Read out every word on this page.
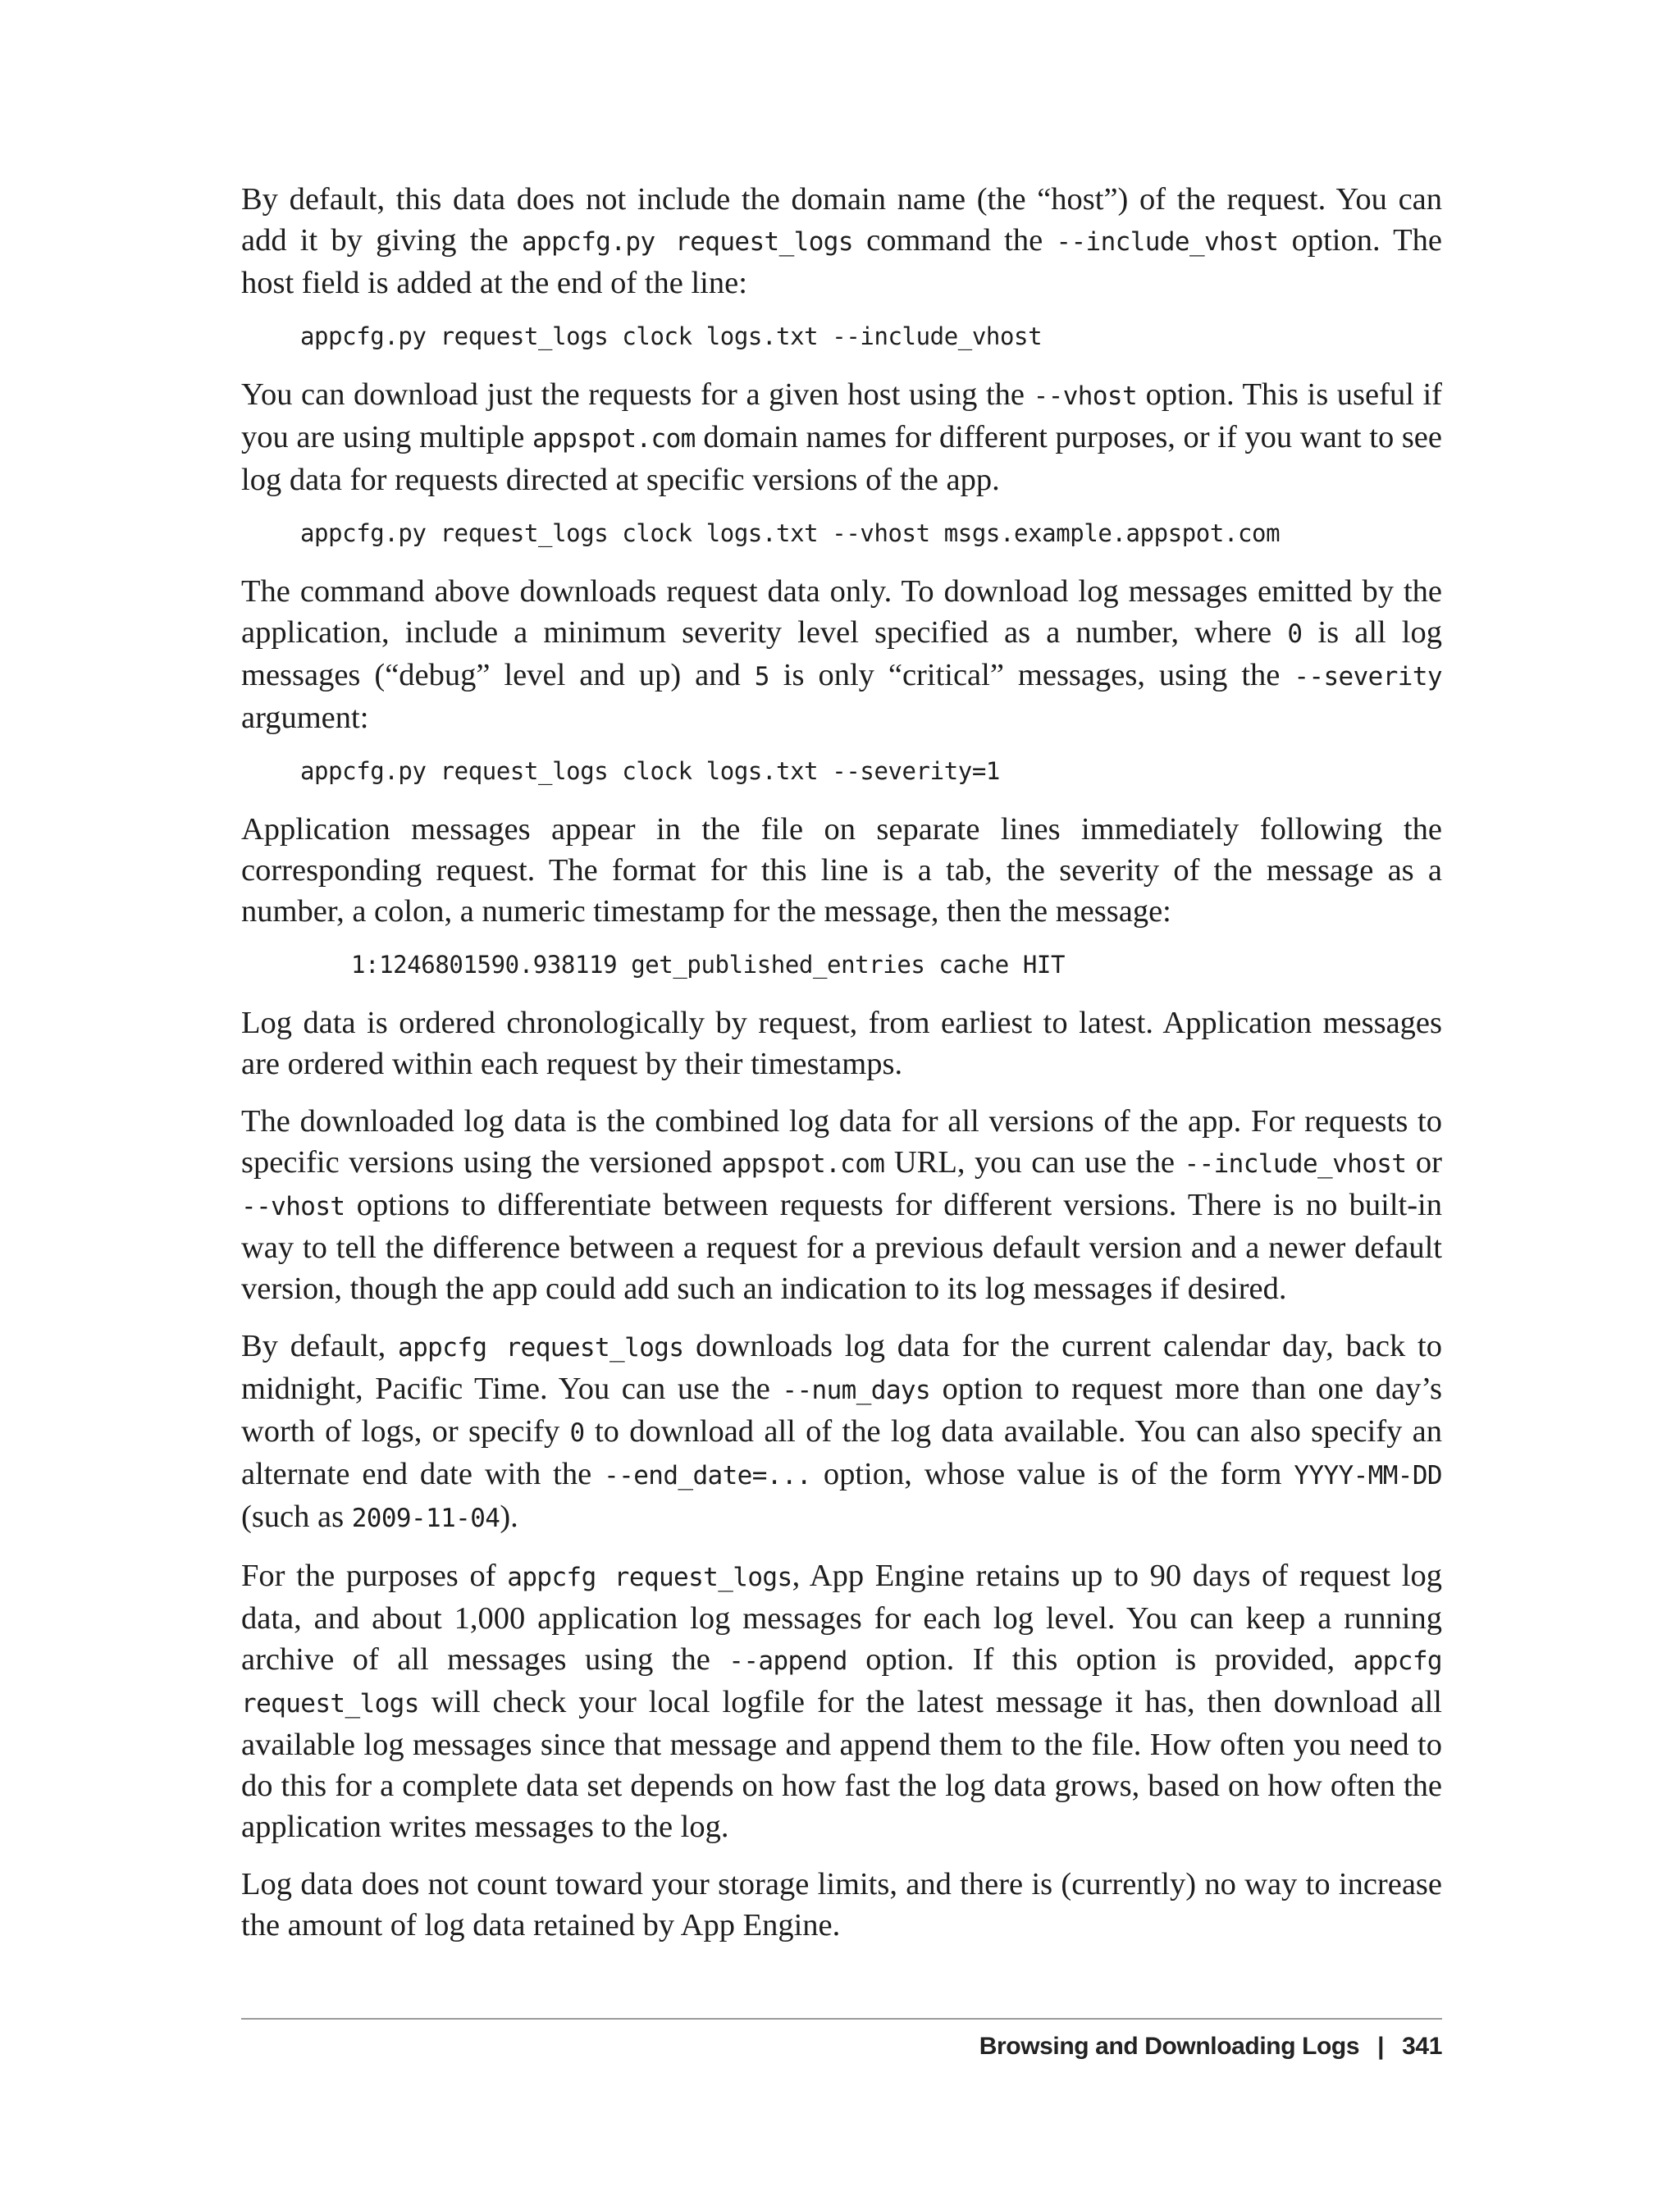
By default, this data does not include the domain name (the “host”) of the request. You can add it by giving the appcfg.py request_logs command the --include_vhost option. The host field is added at the end of the line:

appcfg.py request_logs clock logs.txt --include_vhost

You can download just the requests for a given host using the --vhost option. This is useful if you are using multiple appspot.com domain names for different purposes, or if you want to see log data for requests directed at specific versions of the app.

appcfg.py request_logs clock logs.txt --vhost msgs.example.appspot.com

The command above downloads request data only. To download log messages emitted by the application, include a minimum severity level specified as a number, where 0 is all log messages (“debug” level and up) and 5 is only “critical” messages, using the --severity argument:

appcfg.py request_logs clock logs.txt --severity=1

Application messages appear in the file on separate lines immediately following the corresponding request. The format for this line is a tab, the severity of the message as a number, a colon, a numeric timestamp for the message, then the message:

1:1246801590.938119 get_published_entries cache HIT

Log data is ordered chronologically by request, from earliest to latest. Application messages are ordered within each request by their timestamps.

The downloaded log data is the combined log data for all versions of the app. For requests to specific versions using the versioned appspot.com URL, you can use the --include_vhost or --vhost options to differentiate between requests for different versions. There is no built-in way to tell the difference between a request for a previous default version and a newer default version, though the app could add such an indication to its log messages if desired.

By default, appcfg request_logs downloads log data for the current calendar day, back to midnight, Pacific Time. You can use the --num_days option to request more than one day’s worth of logs, or specify 0 to download all of the log data available. You can also specify an alternate end date with the --end_date=... option, whose value is of the form YYYY-MM-DD (such as 2009-11-04).

For the purposes of appcfg request_logs, App Engine retains up to 90 days of request log data, and about 1,000 application log messages for each log level. You can keep a running archive of all messages using the --append option. If this option is provided, appcfg request_logs will check your local logfile for the latest message it has, then download all available log messages since that message and append them to the file. How often you need to do this for a complete data set depends on how fast the log data grows, based on how often the application writes messages to the log.

Log data does not count toward your storage limits, and there is (currently) no way to increase the amount of log data retained by App Engine.

Browsing and Downloading Logs | 341
